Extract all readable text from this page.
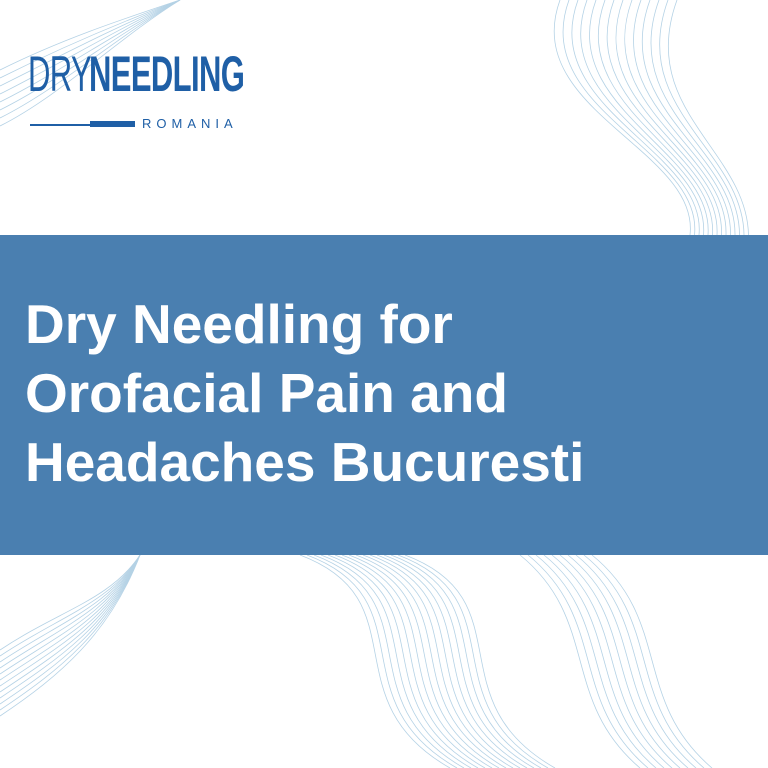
DRY
NEEDLING
ROMANIA
Dry Needling for
Orofacial Pain and
Headaches Bucuresti
